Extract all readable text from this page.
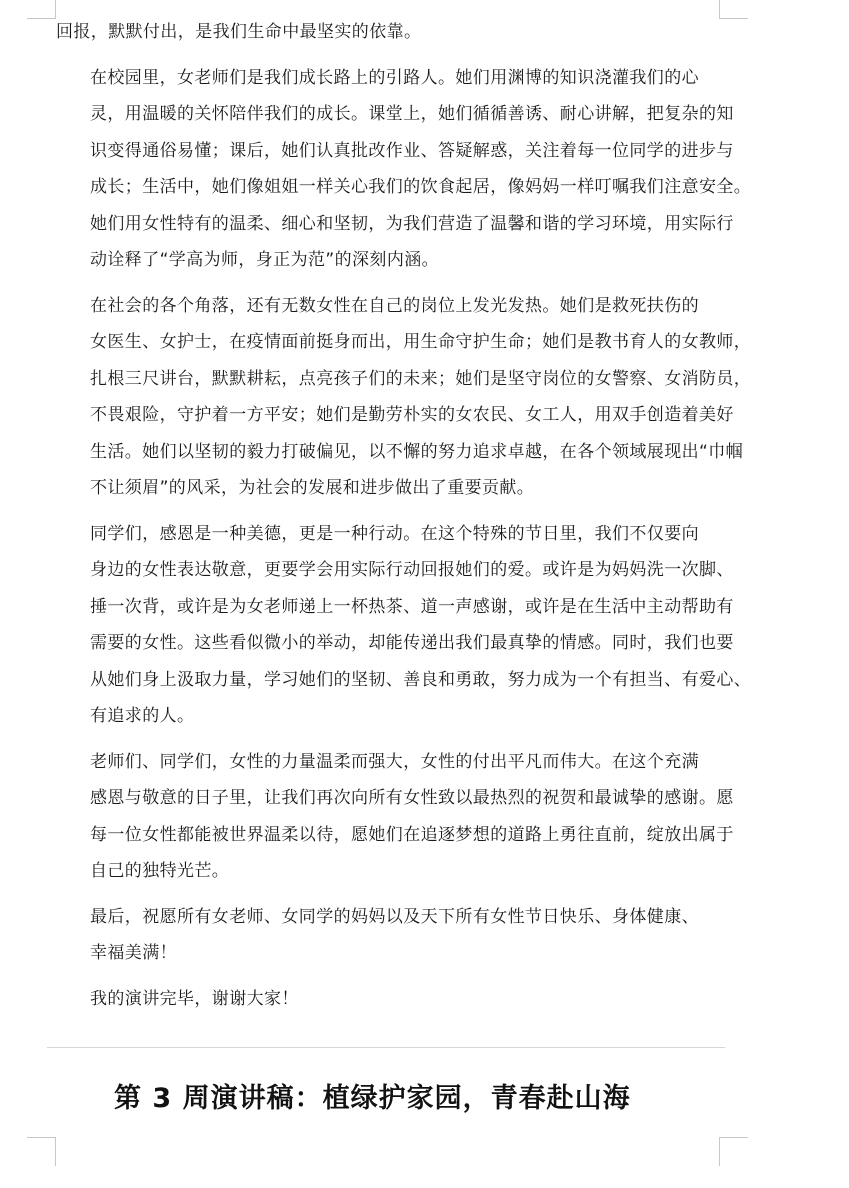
回报，默默付出，是我们生命中最坚实的依靠。

在校园里，女老师们是我们成长路上的引路人。她们用渊博的知识浇灌我们的心
灵，用温暖的关怀陪伴我们的成长。课堂上，她们循循善诱、耐心讲解，把复杂的知
识变得通俗易懂；课后，她们认真批改作业、答疑解惑，关注着每一位同学的进步与
成长；生活中，她们像姐姐一样关心我们的饮食起居，像妈妈一样叮嘱我们注意安全。
她们用女性特有的温柔、细心和坚韧，为我们营造了温馨和谐的学习环境，用实际行
动诠释了“学高为师，身正为范”的深刻内涵。

在社会的各个角落，还有无数女性在自己的岗位上发光发热。她们是救死扶伤的
女医生、女护士，在疫情面前挺身而出，用生命守护生命；她们是教书育人的女教师，
扎根三尺讲台，默默耕耘，点亮孩子们的未来；她们是坚守岗位的女警察、女消防员，
不畏艰险，守护着一方平安；她们是勤劳朴实的女农民、女工人，用双手创造着美好
生活。她们以坚韧的毅力打破偏见，以不懈的努力追求卓越，在各个领域展现出“巾帼
不让须眉”的风采，为社会的发展和进步做出了重要贡献。

同学们，感恩是一种美德，更是一种行动。在这个特殊的节日里，我们不仅要向
身边的女性表达敬意，更要学会用实际行动回报她们的爱。或许是为妈妈洗一次脚、
捶一次背，或许是为女老师递上一杯热茶、道一声感谢，或许是在生活中主动帮助有
需要的女性。这些看似微小的举动，却能传递出我们最真挚的情感。同时，我们也要
从她们身上汲取力量，学习她们的坚韧、善良和勇敢，努力成为一个有担当、有爱心、
有追求的人。

老师们、同学们，女性的力量温柔而强大，女性的付出平凡而伟大。在这个充满
感恩与敬意的日子里，让我们再次向所有女性致以最热烈的祝贺和最诚挚的感谢。愿
每一位女性都能被世界温柔以待，愿她们在追逐梦想的道路上勇往直前，绽放出属于
自己的独特光芒。

最后，祝愿所有女老师、女同学的妈妈以及天下所有女性节日快乐、身体健康、
幸福美满！

我的演讲完毕，谢谢大家！

第 3 周演讲稿：植绿护家园，青春赴山海
